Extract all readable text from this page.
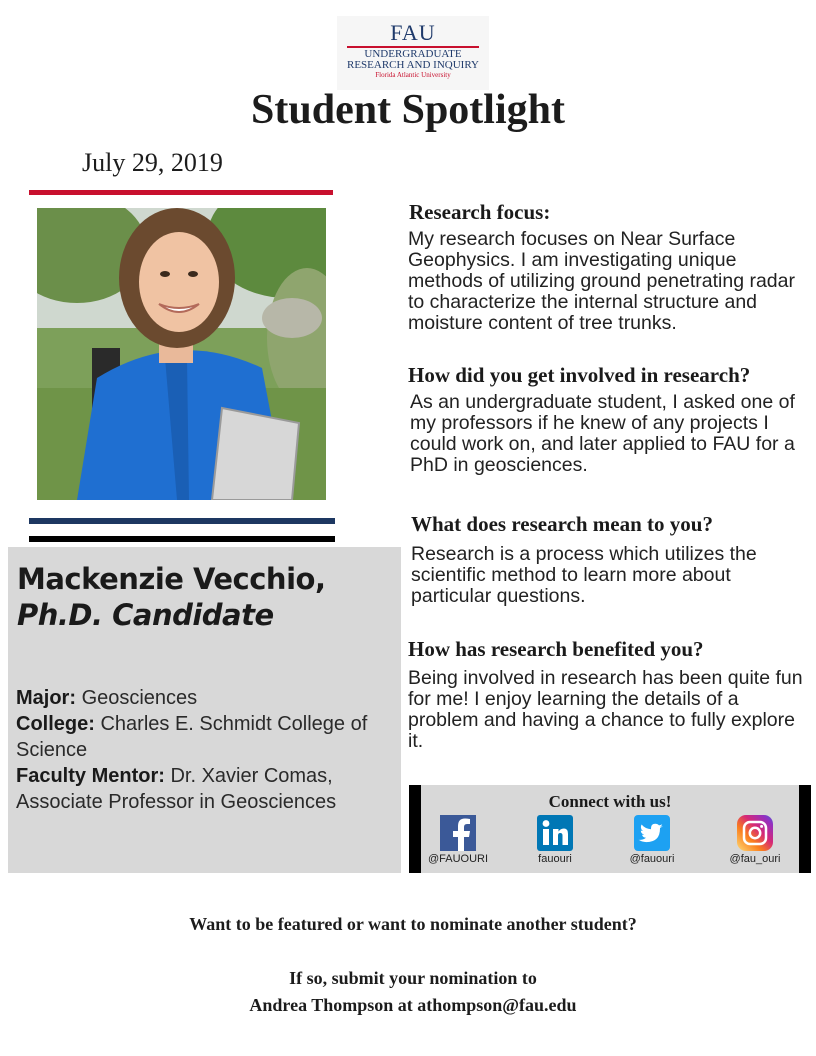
FAU
UNDERGRADUATE
RESEARCH AND INQUIRY
Florida Atlantic University
Student Spotlight
July 29, 2019
Mackenzie Vecchio,
Ph.D. Candidate
Major: Geosciences
College: Charles E. Schmidt College of Science
Faculty Mentor: Dr. Xavier Comas, Associate Professor in Geosciences
Research focus:
My research focuses on Near Surface Geophysics. I am investigating unique methods of utilizing ground penetrating radar to characterize the internal structure and moisture content of tree trunks.
How did you get involved in research?
As an undergraduate student, I asked one of my professors if he knew of any projects I could work on, and later applied to FAU for a PhD in geosciences.
What does research mean to you?
Research is a process which utilizes the scientific method to learn more about particular questions.
How has research benefited you?
Being involved in research has been quite fun for me! I enjoy learning the details of a problem and having a chance to fully explore it.
Connect with us!
@FAUOURI	fauouri	@fauouri	@fau_ouri
Want to be featured or want to nominate another student?
If so, submit your nomination to
Andrea Thompson at athompson@fau.edu
